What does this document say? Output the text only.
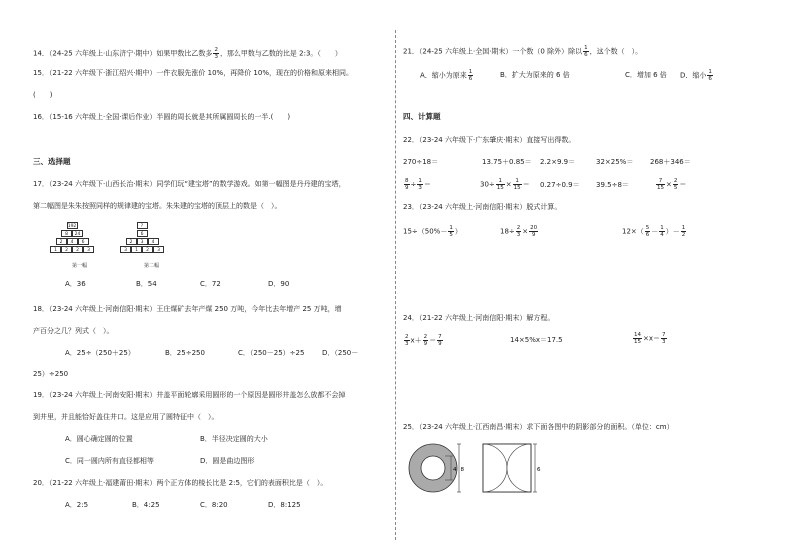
14．（24-25 六年级上·山东济宁·期中）如果甲数比乙数多 $\frac{2}{3}$ ，那么甲数与乙数的比是 2:3。（　　）
15．（21-22 六年级下·浙江绍兴·期中）一件衣服先涨价 10%，再降价 10%，现在的价格和原来相同。
(　　)
16．（15-16 六年级上·全国·课后作业）半圆的周长就是其所属圆周长的一半.(　　)
三、选择题
17．（23-24 六年级下·山西长治·期末）同学们玩“建宝塔”的数学游戏。如第一幅图是丹丹建的宝塔，
第二幅图是朱朱按照同样的规律建的宝塔。朱朱建的宝塔的顶层上的数是（　）。
192
8	24
2	4	6
1	2	2	3
?
6
2	3	4
3	1	2	3
第一幅	第二幅
A．36	B．54	C．72	D．90
18．（23-24 六年级上·河南信阳·期末）王庄煤矿去年产煤 250 万吨，今年比去年增产 25 万吨，增
产百分之几？列式（　）。
A．25÷（250＋25）	B．25÷250	C．（250－25）÷25	D．（250－
25）÷250
19．（23-24 六年级上·河南安阳·期末）井盖平面轮廓采用圆形的一个原因是圆形井盖怎么放都不会掉
到井里，并且能恰好盖住井口。这是应用了圆特征中（　）。
A．圆心确定圆的位置	B．半径决定圆的大小
C．同一圆内所有直径都相等	D．圆是曲边图形
20．（21-22 六年级上·福建莆田·期末）两个正方体的棱长比是 2:5，它们的表面积比是（　）。
A．2:5	B．4:25	C．8:20	D．8:125
21．（24-25 六年级上·全国·期末）一个数（0 除外）除以 $\frac{1}{6}$ ，这个数（　）。
A．缩小为原来 $\frac{1}{6}$	B．扩大为原来的 6 倍	C．增加 6 倍 D．缩小 $\frac{1}{6}$
四、计算题
22．（23-24 六年级下·广东肇庆·期末）直接写出得数。
270÷18＝	13.75＋0.85＝ 2.2×9.9＝	32×25%＝ 268＋346＝
$\frac{8}{9} \div \frac{1}{3}$ ＝	$30\div \frac{1}{15} \times \frac{1}{15} = 0.27\div 0.9= 39.5\div 8=$	$\frac{7}{15} \times \frac{2}{5}$ ＝
23．（23-24 六年级上·河南信阳·期末）脱式计算。
$15\div(50\%- \frac{1}{5}$ ）	$18\div \frac{2}{3} \times \frac{20}{9}$	$12\times( \frac{5}{6} - \frac{1}{4}$ ）－ $\frac{1}{2}$
24．（21-22 六年级上·河南信阳·期末）解方程。
$\frac{2}{3} x+ \frac{2}{9} = \frac{7}{9}$	14×5%x＝17.5	$\frac{14}{15} \times x= \frac{7}{3}$
25．（23-24 六年级上·江西南昌·期末）求下面各图中的阴影部分的面积。（单位：cm）
4 8	6
